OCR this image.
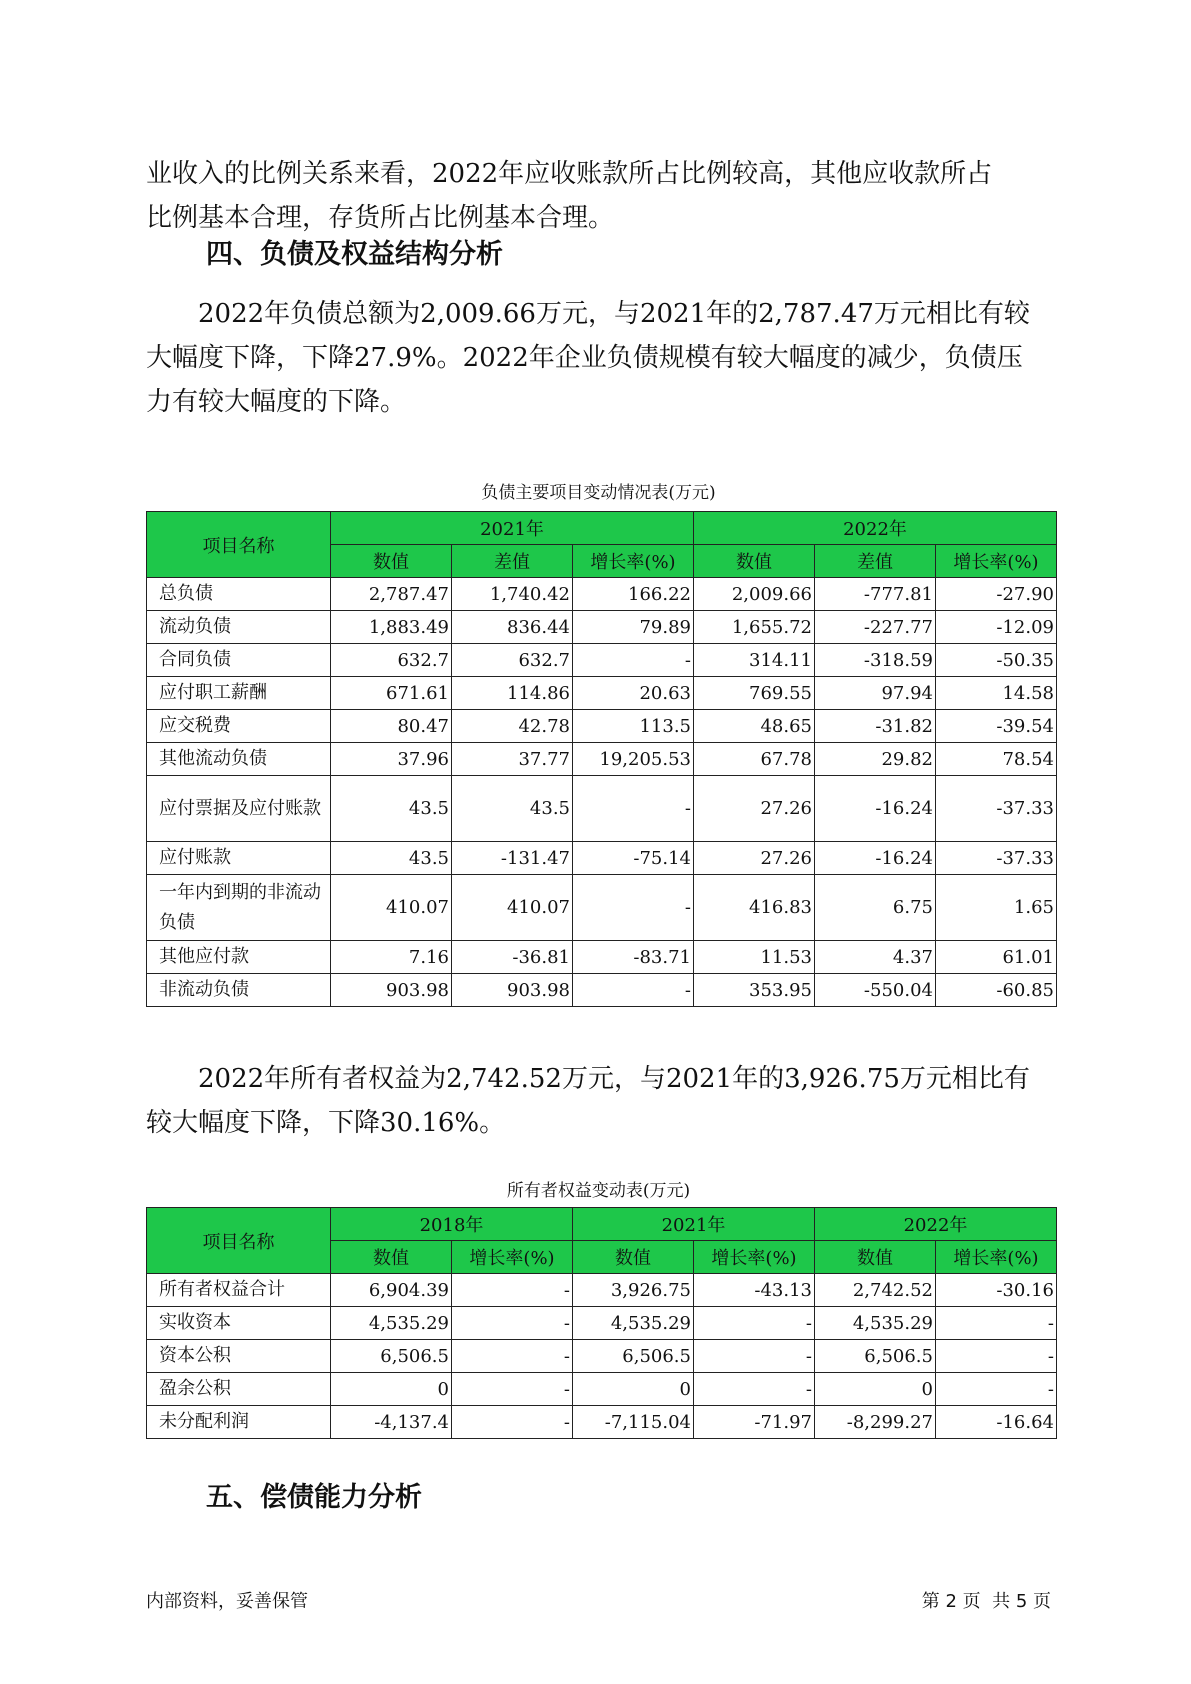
业收入的比例关系来看，2022年应收账款所占比例较高，其他应收款所占
比例基本合理，存货所占比例基本合理。

四、负债及权益结构分析

2022年负债总额为2,009.66万元，与2021年的2,787.47万元相比有较
大幅度下降，下降27.9%。2022年企业负债规模有较大幅度的减少，负债压
力有较大幅度的下降。

负债主要项目变动情况表(万元)

项目名称	2021年			2022年		
	数值	差值	增长率(%)	数值	差值	增长率(%)
总负债	2,787.47	1,740.42	166.22	2,009.66	-777.81	-27.90
流动负债	1,883.49	836.44	79.89	1,655.72	-227.77	-12.09
合同负债	632.7	632.7	-	314.11	-318.59	-50.35
应付职工薪酬	671.61	114.86	20.63	769.55	97.94	14.58
应交税费	80.47	42.78	113.5	48.65	-31.82	-39.54
其他流动负债	37.96	37.77	19,205.53	67.78	29.82	78.54
应付票据及应付账款	43.5	43.5	-	27.26	-16.24	-37.33
应付账款	43.5	-131.47	-75.14	27.26	-16.24	-37.33
一年内到期的非流动负债	410.07	410.07	-	416.83	6.75	1.65
其他应付款	7.16	-36.81	-83.71	11.53	4.37	61.01
非流动负债	903.98	903.98	-	353.95	-550.04	-60.85

2022年所有者权益为2,742.52万元，与2021年的3,926.75万元相比有
较大幅度下降，下降30.16%。

所有者权益变动表(万元)

项目名称	2018年		2021年		2022年	
	数值	增长率(%)	数值	增长率(%)	数值	增长率(%)
所有者权益合计	6,904.39	-	3,926.75	-43.13	2,742.52	-30.16
实收资本	4,535.29	-	4,535.29	-	4,535.29	-
资本公积	6,506.5	-	6,506.5	-	6,506.5	-
盈余公积	0	-	0	-	0	-
未分配利润	-4,137.4	-	-7,115.04	-71.97	-8,299.27	-16.64
五、偿债能力分析

内部资料，妥善保管	第 2 页  共 5 页
